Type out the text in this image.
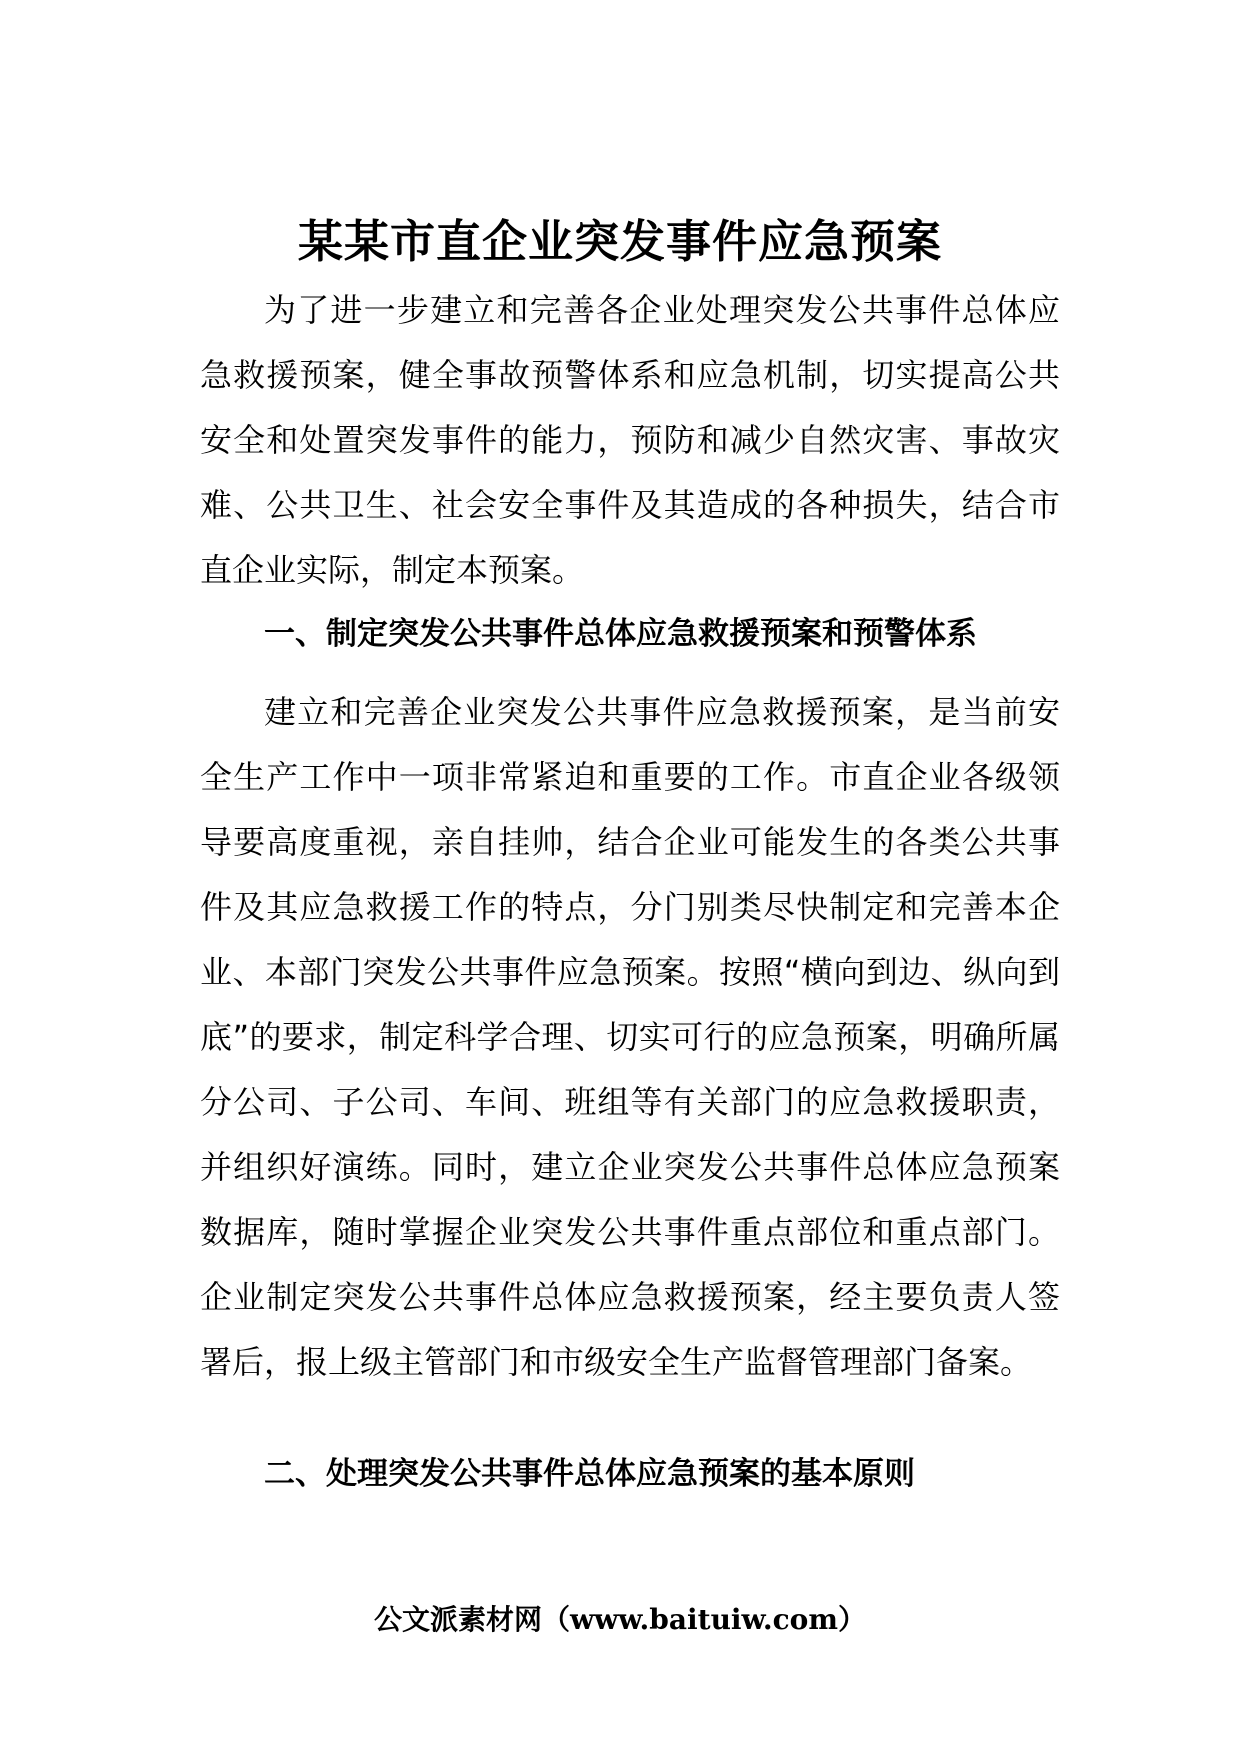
某某市直企业突发事件应急预案

为了进一步建立和完善各企业处理突发公共事件总体应急救援预案，健全事故预警体系和应急机制，切实提高公共安全和处置突发事件的能力，预防和减少自然灾害、事故灾难、公共卫生、社会安全事件及其造成的各种损失，结合市直企业实际，制定本预案。

一、制定突发公共事件总体应急救援预案和预警体系

建立和完善企业突发公共事件应急救援预案，是当前安全生产工作中一项非常紧迫和重要的工作。市直企业各级领导要高度重视，亲自挂帅，结合企业可能发生的各类公共事件及其应急救援工作的特点，分门别类尽快制定和完善本企业、本部门突发公共事件应急预案。按照“横向到边、纵向到底”的要求，制定科学合理、切实可行的应急预案，明确所属分公司、子公司、车间、班组等有关部门的应急救援职责，并组织好演练。同时，建立企业突发公共事件总体应急预案数据库，随时掌握企业突发公共事件重点部位和重点部门。企业制定突发公共事件总体应急救援预案，经主要负责人签署后，报上级主管部门和市级安全生产监督管理部门备案。

二、处理突发公共事件总体应急预案的基本原则

公文派素材网（www.baituiw.com）
